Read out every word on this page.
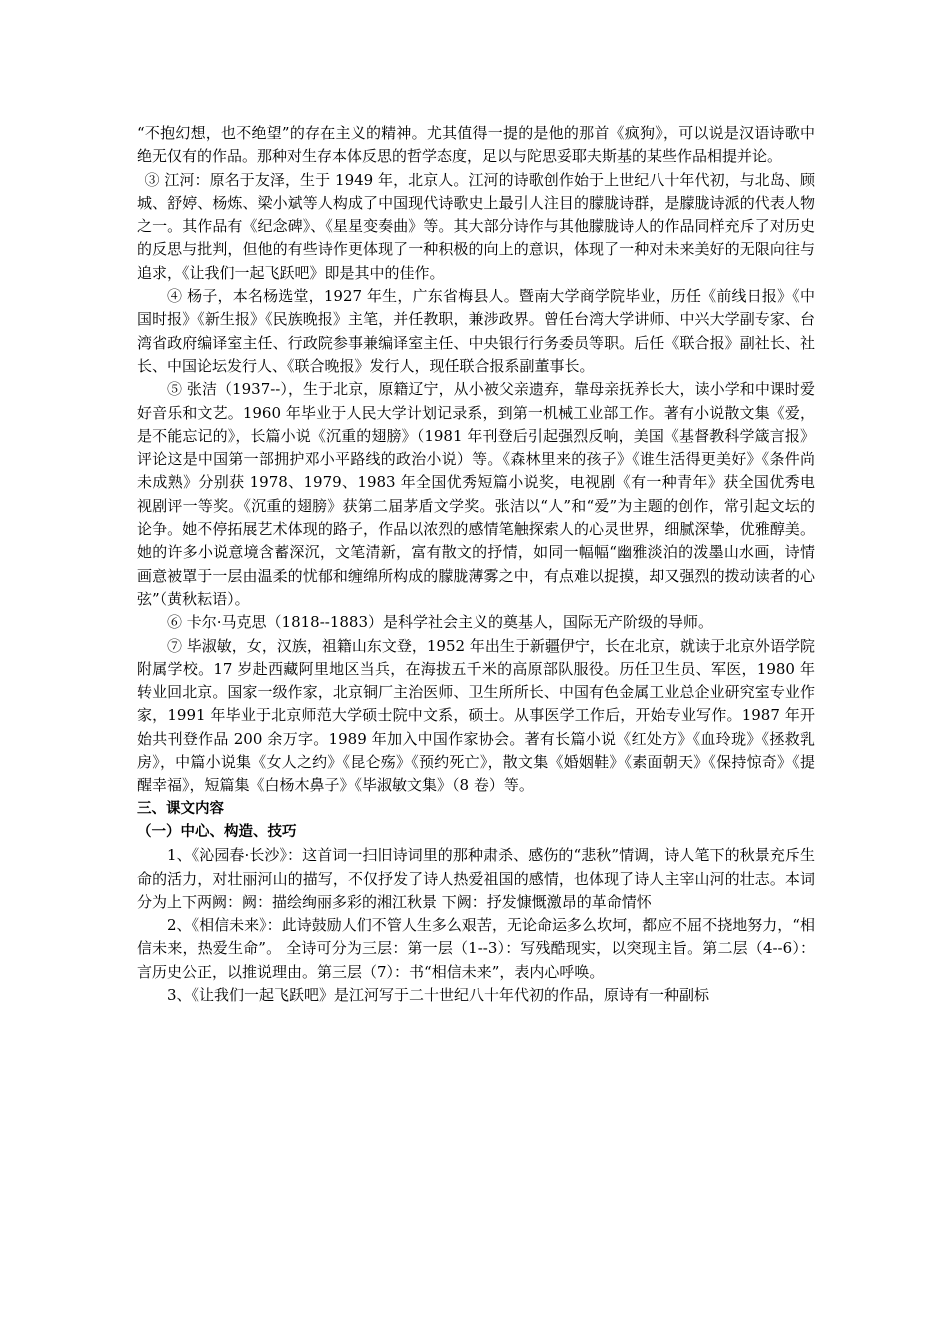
“不抱幻想，也不绝望”的存在主义的精神。尤其值得一提的是他的那首《疯狗》，可以说是汉语诗歌中绝无仅有的作品。那种对生存本体反思的哲学态度，足以与陀思妥耶夫斯基的某些作品相提并论。

③ 江河：原名于友泽，生于 1949 年，北京人。江河的诗歌创作始于上世纪八十年代初，与北岛、顾城、舒婷、杨炼、梁小斌等人构成了中国现代诗歌史上最引人注目的朦胧诗群，是朦胧诗派的代表人物之一。其作品有《纪念碑》、《星星变奏曲》等。其大部分诗作与其他朦胧诗人的作品同样充斥了对历史的反思与批判，但他的有些诗作更体现了一种积极的向上的意识，体现了一种对未来美好的无限向往与追求，《让我们一起飞跃吧》即是其中的佳作。

④ 杨子，本名杨选堂，1927 年生，广东省梅县人。暨南大学商学院毕业，历任《前线日报》《中国时报》《新生报》《民族晚报》主笔，并任教职，兼涉政界。曾任台湾大学讲师、中兴大学副专家、台湾省政府编译室主任、行政院参事兼编译室主任、中央银行行务委员等职。后任《联合报》副社长、社长、中国论坛发行人、《联合晚报》发行人，现任联合报系副董事长。

⑤ 张洁（1937--），生于北京，原籍辽宁，从小被父亲遗弃，靠母亲抚养长大，读小学和中课时爱好音乐和文艺。1960 年毕业于人民大学计划记录系，到第一机械工业部工作。著有小说散文集《爱，是不能忘记的》，长篇小说《沉重的翅膀》（1981 年刊登后引起强烈反响，美国《基督教科学箴言报》评论这是中国第一部拥护邓小平路线的政治小说）等。《森林里来的孩子》《谁生活得更美好》《条件尚未成熟》分别获 1978、1979、1983 年全国优秀短篇小说奖，电视剧《有一种青年》获全国优秀电视剧评一等奖。《沉重的翅膀》获第二届茅盾文学奖。张洁以“人”和“爱”为主题的创作，常引起文坛的论争。她不停拓展艺术体现的路子，作品以浓烈的感情笔触探索人的心灵世界，细腻深挚，优雅醇美。她的许多小说意境含蓄深沉，文笔清新，富有散文的抒情，如同一幅幅“幽雅淡泊的泼墨山水画，诗情画意被罩于一层由温柔的忧郁和缠绵所构成的朦胧薄雾之中，有点难以捉摸，却又强烈的拨动读者的心弦”（黄秋耘语）。

⑥ 卡尔·马克思（1818--1883）是科学社会主义的奠基人，国际无产阶级的导师。

⑦ 毕淑敏，女，汉族，祖籍山东文登，1952 年出生于新疆伊宁，长在北京，就读于北京外语学院附属学校。17 岁赴西藏阿里地区当兵，在海拔五千米的高原部队服役。历任卫生员、军医，1980 年转业回北京。国家一级作家，北京铜厂主治医师、卫生所所长、中国有色金属工业总企业研究室专业作家，1991 年毕业于北京师范大学硕士院中文系，硕士。从事医学工作后，开始专业写作。1987 年开始共刊登作品 200 余万字。1989 年加入中国作家协会。著有长篇小说《红处方》《血玲珑》《拯救乳房》，中篇小说集《女人之约》《昆仑殇》《预约死亡》，散文集《婚姻鞋》《素面朝天》《保持惊奇》《提醒幸福》，短篇集《白杨木鼻子》《毕淑敏文集》（8 卷）等。

三、课文内容

（一）中心、构造、技巧

1、《沁园春·长沙》：这首词一扫旧诗词里的那种肃杀、感伤的“悲秋”情调，诗人笔下的秋景充斥生命的活力，对壮丽河山的描写，不仅抒发了诗人热爱祖国的感情，也体现了诗人主宰山河的壮志。本词分为上下两阙：阙：描绘绚丽多彩的湘江秋景 下阙：抒发慷慨激昂的革命情怀

2、《相信未来》：此诗鼓励人们不管人生多么艰苦，无论命运多么坎坷，都应不屈不挠地努力，“相信未来，热爱生命”。 全诗可分为三层：第一层（1--3）：写残酷现实，以突现主旨。第二层（4--6）：言历史公正，以推说理由。第三层（7）：书“相信未来”，表内心呼唤。

3、《让我们一起飞跃吧》是江河写于二十世纪八十年代初的作品，原诗有一种副标
